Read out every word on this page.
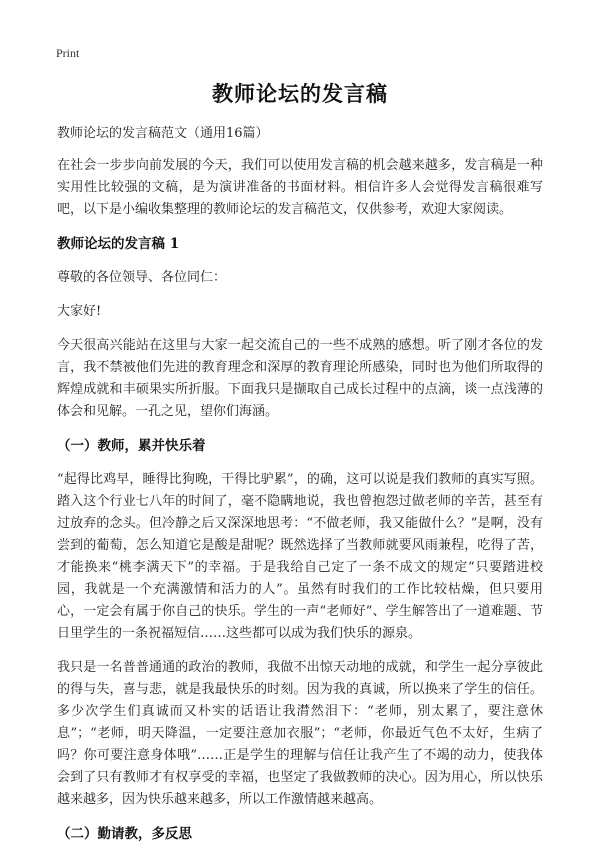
Print
教师论坛的发言稿
教师论坛的发言稿范文（通用16篇）

在社会一步步向前发展的今天，我们可以使用发言稿的机会越来越多，发言稿是一种实用性比较强的文稿，是为演讲准备的书面材料。相信许多人会觉得发言稿很难写吧，以下是小编收集整理的教师论坛的发言稿范文，仅供参考，欢迎大家阅读。

教师论坛的发言稿 1

尊敬的各位领导、各位同仁：

大家好!

今天很高兴能站在这里与大家一起交流自己的一些不成熟的感想。听了刚才各位的发言，我不禁被他们先进的教育理念和深厚的教育理论所感染，同时也为他们所取得的辉煌成就和丰硕果实所折服。下面我只是撷取自己成长过程中的点滴，谈一点浅薄的体会和见解。一孔之见，望你们海涵。

（一）教师，累并快乐着

“起得比鸡早，睡得比狗晚，干得比驴累”，的确，这可以说是我们教师的真实写照。踏入这个行业七八年的时间了，毫不隐瞒地说，我也曾抱怨过做老师的辛苦，甚至有过放弃的念头。但冷静之后又深深地思考：“不做老师，我又能做什么？”是啊，没有尝到的葡萄，怎么知道它是酸是甜呢？既然选择了当教师就要风雨兼程，吃得了苦，才能换来“桃李满天下”的幸福。于是我给自己定了一条不成文的规定“只要踏进校园，我就是一个充满激情和活力的人”。虽然有时我们的工作比较枯燥，但只要用心，一定会有属于你自己的快乐。学生的一声“老师好”、学生解答出了一道难题、节日里学生的一条祝福短信……这些都可以成为我们快乐的源泉。

我只是一名普普通通的政治的教师，我做不出惊天动地的成就，和学生一起分享彼此的得与失，喜与悲，就是我最快乐的时刻。因为我的真诚，所以换来了学生的信任。多少次学生们真诚而又朴实的话语让我潸然泪下：“老师，别太累了，要注意休息”；“老师，明天降温，一定要注意加衣服”；“老师，你最近气色不太好，生病了吗？你可要注意身体哦”……正是学生的理解与信任让我产生了不竭的动力，使我体会到了只有教师才有权享受的幸福，也坚定了我做教师的决心。因为用心，所以快乐越来越多，因为快乐越来越多，所以工作激情越来越高。

（二）勤请教，多反思
